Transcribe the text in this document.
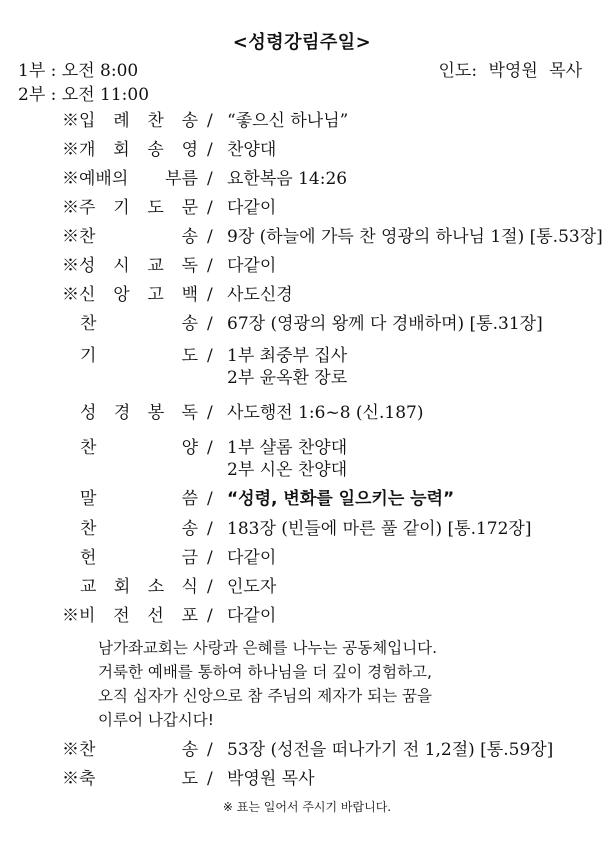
<성령강림주일>
1부 : 오전 8:00
2부 : 오전 11:00
인도: 박영원 목사
※입 례 찬 송 / “좋으신 하나님”
※개 회 송 영 / 찬양대
※예배의 부름 / 요한복음 14:26
※주 기 도 문 / 다같이
※찬	송 / 9장 (하늘에 가득 찬 영광의 하나님 1절) [통.53장]
※성 시 교 독 / 다같이
※신 앙 고 백 / 사도신경
찬	송 / 67장 (영광의 왕께 다 경배하며) [통.31장]
기	도 / 1부 최중부 집사
2부 윤옥환 장로
성 경 봉 독 / 사도행전 1:6~8 (신.187)
찬	양 / 1부 샬롬 찬양대
2부 시온 찬양대
말	씀 / “성령, 변화를 일으키는 능력”
찬	송 / 183장 (빈들에 마른 풀 같이) [통.172장]
헌	금 / 다같이
교 회 소 식 / 인도자
※비 전 선 포 / 다같이
남가좌교회는 사랑과 은혜를 나누는 공동체입니다.
거룩한 예배를 통하여 하나님을 더 깊이 경험하고,
오직 십자가 신앙으로 참 주님의 제자가 되는 꿈을
이루어 나갑시다!
※찬	송 / 53장 (성전을 떠나가기 전 1,2절) [통.59장]
※축	도 / 박영원 목사
※ 표는 일어서 주시기 바랍니다.
